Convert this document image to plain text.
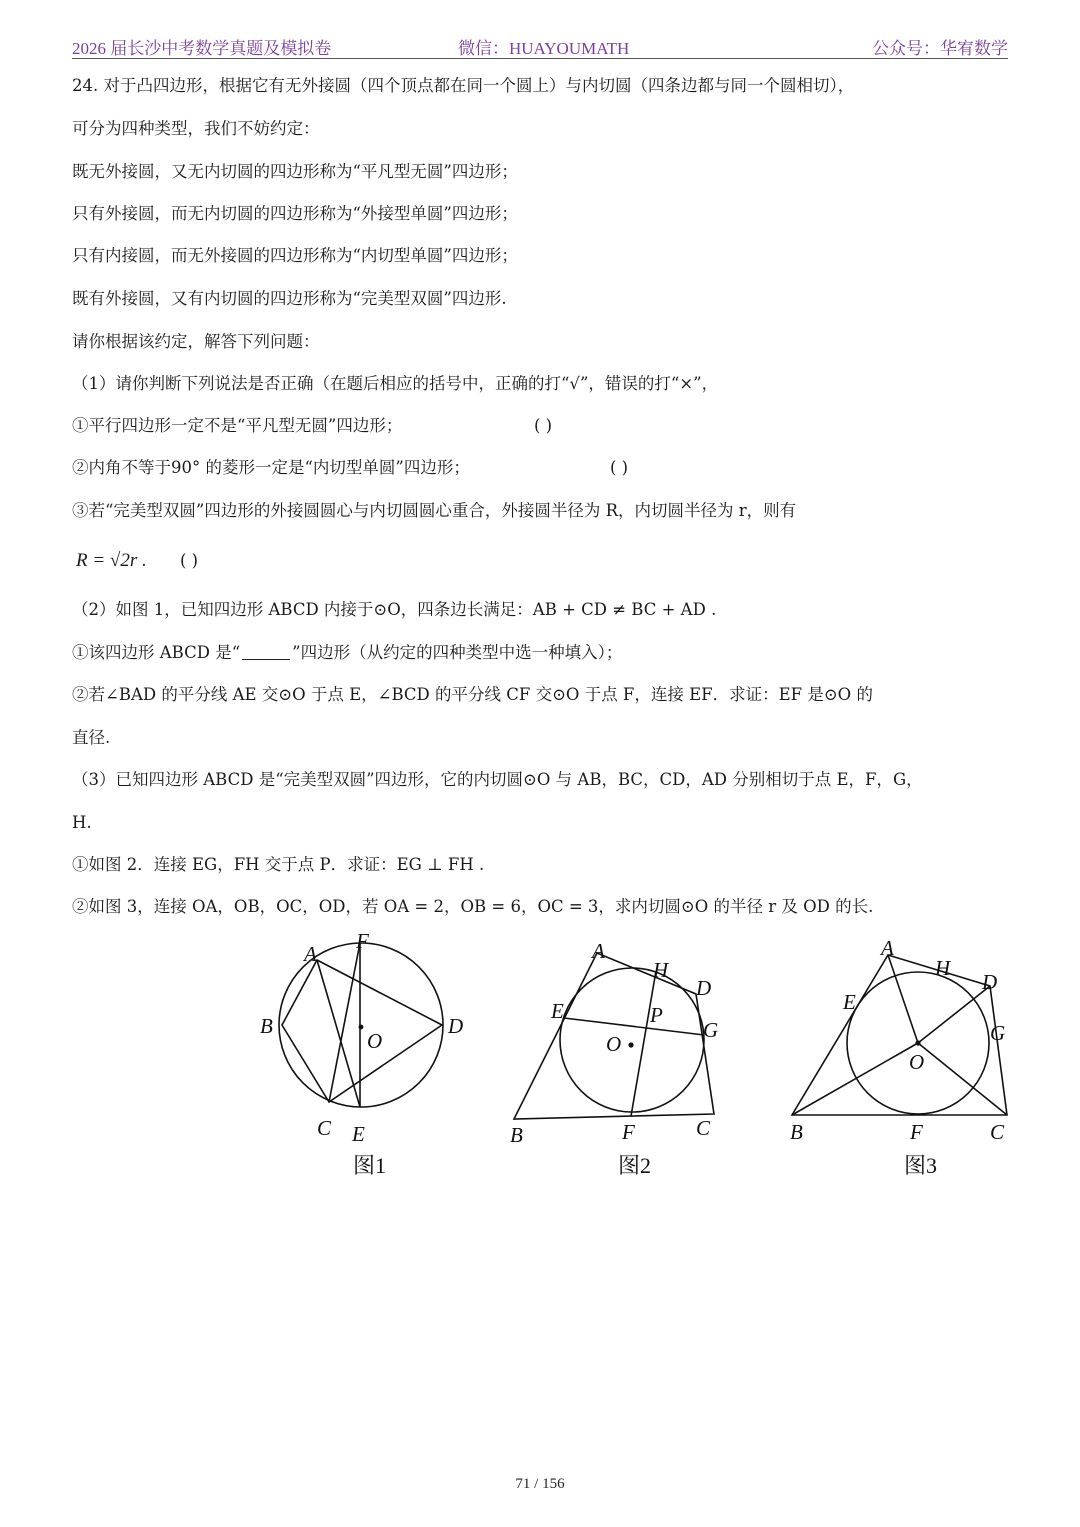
2026 届长沙中考数学真题及模拟卷	微信：HUAYOUMATH	公众号：华宥数学
24. 对于凸四边形，根据它有无外接圆（四个顶点都在同一个圆上）与内切圆（四条边都与同一个圆相切），
可分为四种类型，我们不妨约定：
既无外接圆，又无内切圆的四边形称为“平凡型无圆”四边形；
只有外接圆，而无内切圆的四边形称为“外接型单圆”四边形；
只有内接圆，而无外接圆的四边形称为“内切型单圆”四边形；
既有外接圆，又有内切圆的四边形称为“完美型双圆”四边形.
请你根据该约定，解答下列问题：
（1）请你判断下列说法是否正确（在题后相应的括号中，正确的打“√”，错误的打“×”，
①平行四边形一定不是“平凡型无圆”四边形；	( )
②内角不等于90° 的菱形一定是“内切型单圆”四边形；	( )
③若“完美型双圆”四边形的外接圆圆心与内切圆圆心重合，外接圆半径为 R，内切圆半径为 r，则有
R = √2r . ( )
（2）如图 1，已知四边形 ABCD 内接于⊙O，四条边长满足：AB + CD ≠ BC + AD .
①该四边形 ABCD 是“	”四边形（从约定的四种类型中选一种填入）；
②若∠BAD 的平分线 AE 交⊙O 于点 E，∠BCD 的平分线 CF 交⊙O 于点 F，连接 EF．求证：EF 是⊙O 的
直径.
（3）已知四边形 ABCD 是“完美型双圆”四边形，它的内切圆⊙O 与 AB，BC，CD，AD 分别相切于点 E，F，G，
H.
①如图 2．连接 EG，FH 交于点 P．求证：EG ⊥ FH .
②如图 3，连接 OA，OB，OC，OD，若 OA = 2，OB = 6，OC = 3，求内切圆⊙O 的半径 r 及 OD 的长.
A
B
C
D
E
F
O
图1
A
B	C
D
E
F
G
H
O
P
图2
A
B	C
D
E
F
G
H
O
图3
71 / 156
